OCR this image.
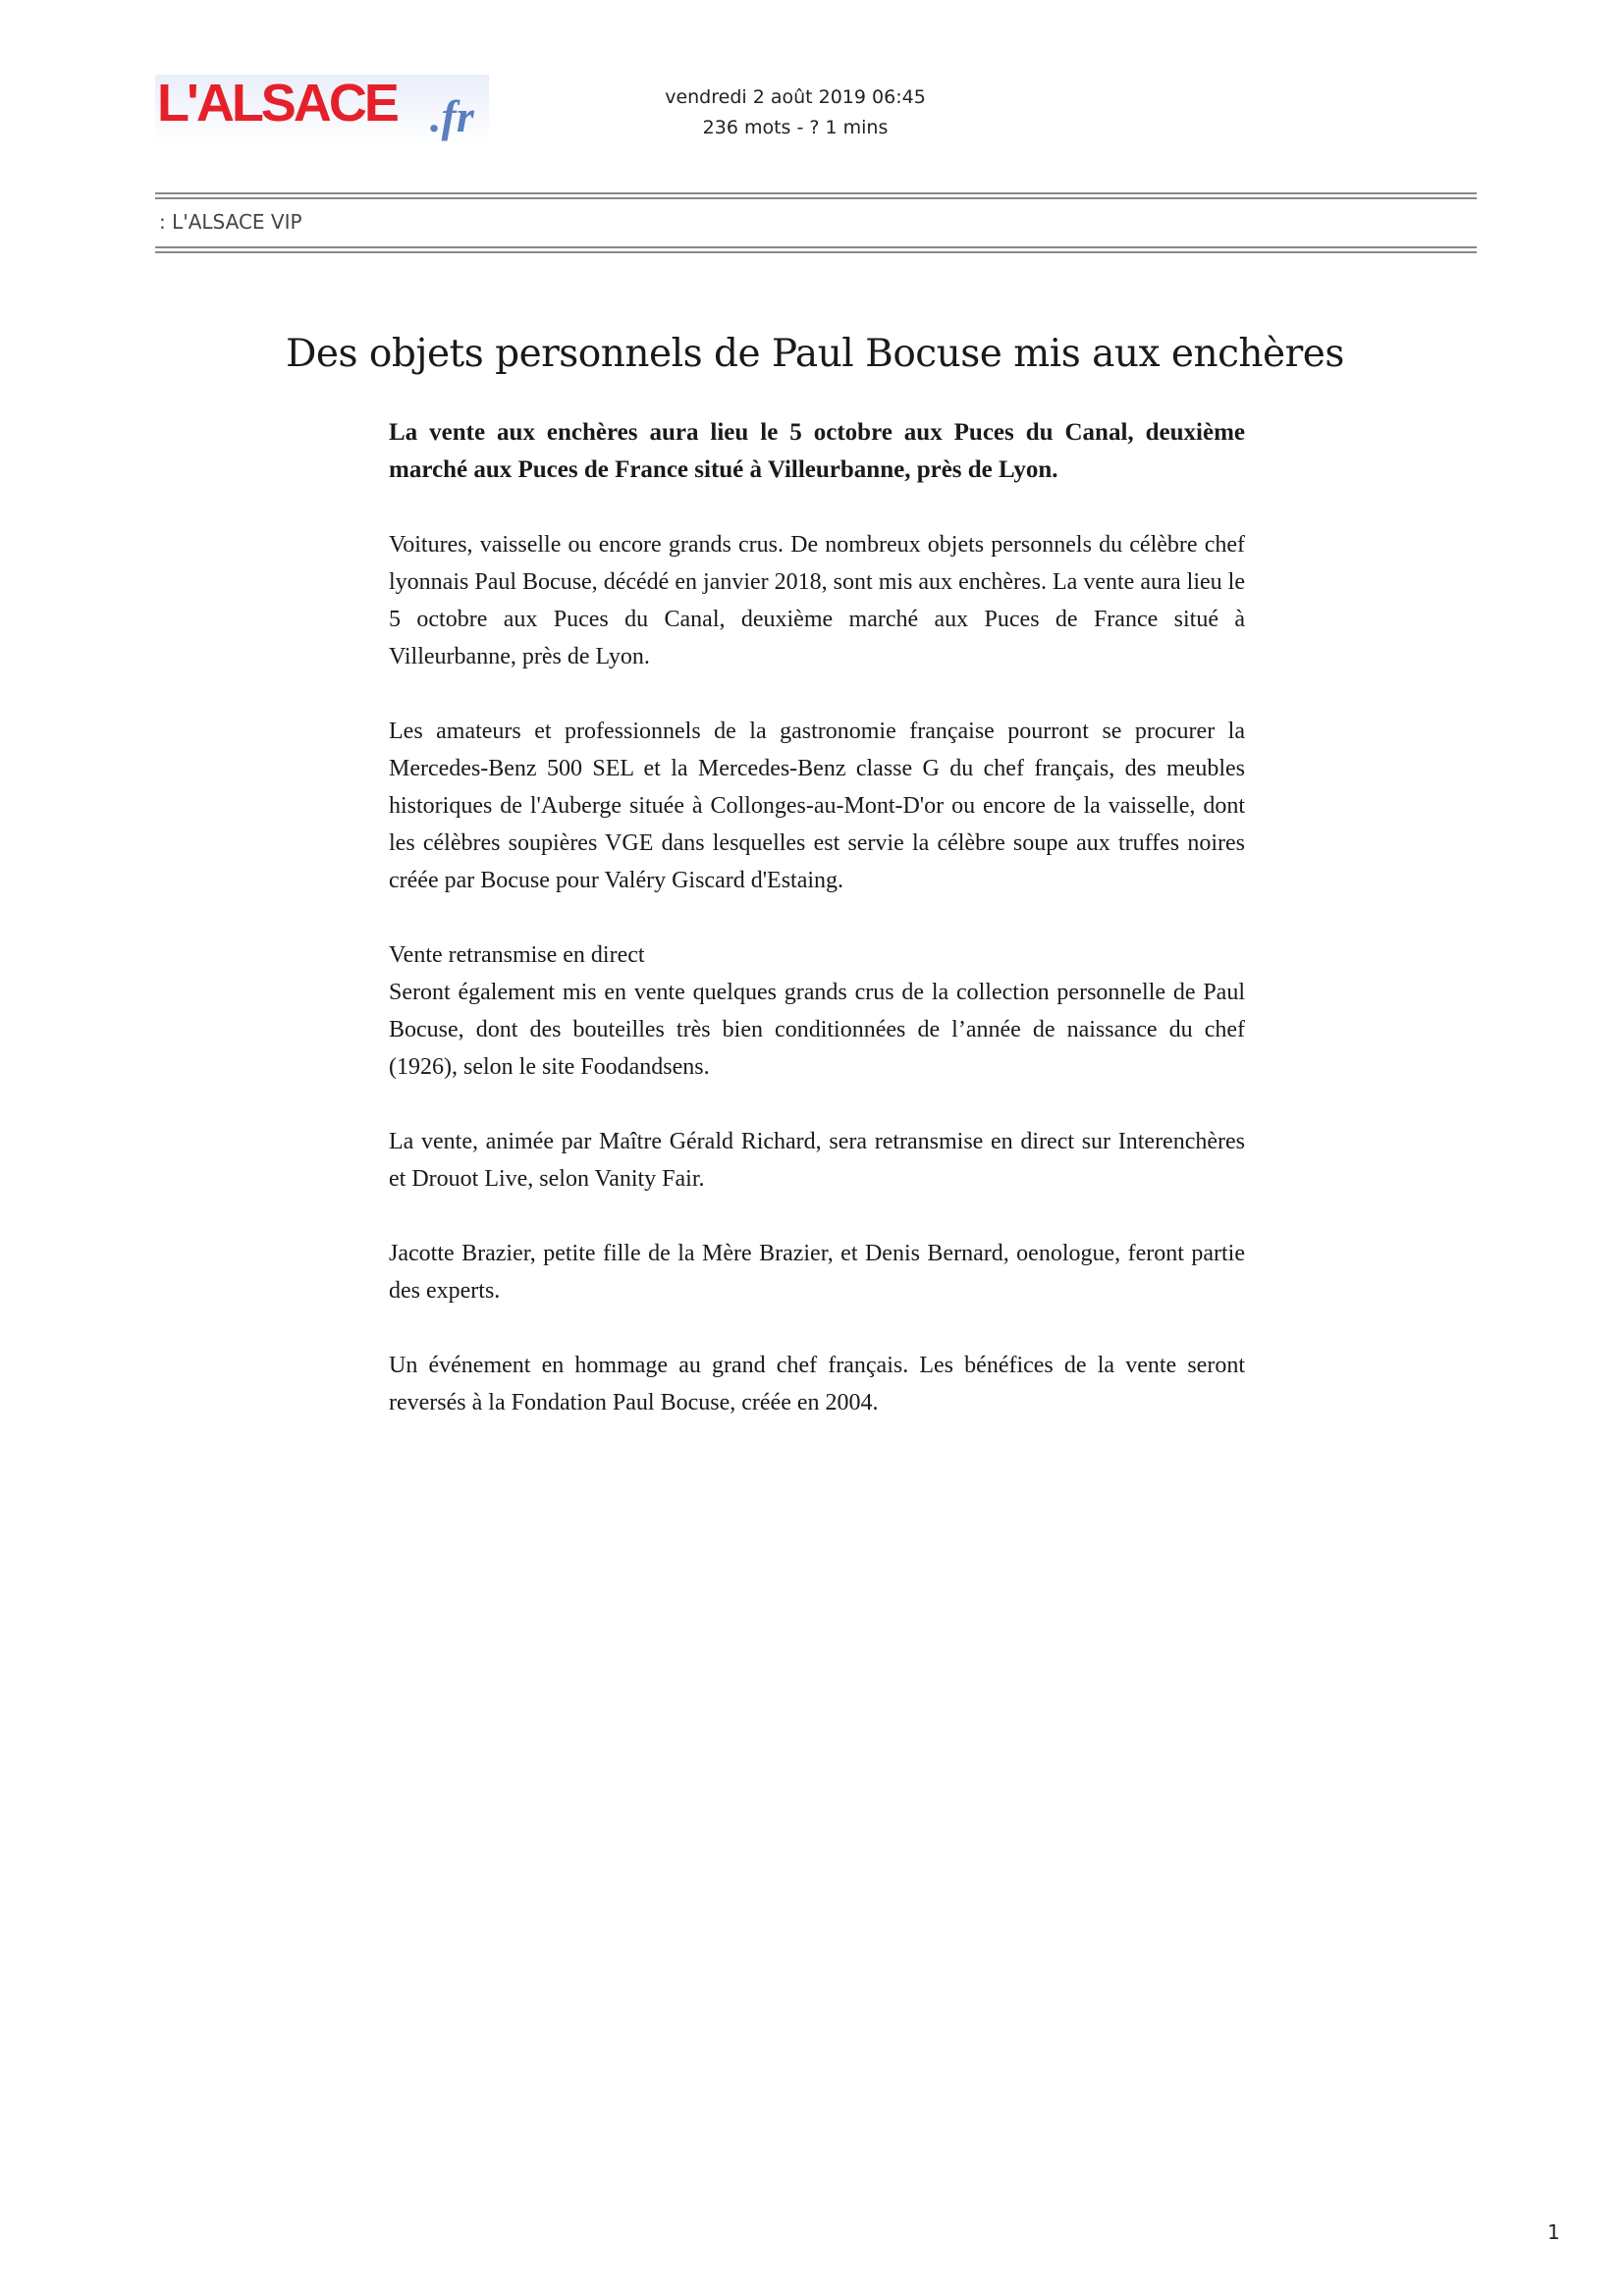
L'ALSACE .fr	vendredi 2 août 2019 06:45
236 mots - ? 1 mins
: L'ALSACE VIP
Des objets personnels de Paul Bocuse mis aux enchères

La vente aux enchères aura lieu le 5 octobre aux Puces du Canal, deuxième marché aux Puces de France situé à Villeurbanne, près de Lyon.

Voitures, vaisselle ou encore grands crus. De nombreux objets personnels du célèbre chef lyonnais Paul Bocuse, décédé en janvier 2018, sont mis aux enchères. La vente aura lieu le 5 octobre aux Puces du Canal, deuxième marché aux Puces de France situé à Villeurbanne, près de Lyon.

Les amateurs et professionnels de la gastronomie française pourront se procurer la Mercedes-Benz 500 SEL et la Mercedes-Benz classe G du chef français, des meubles historiques de l'Auberge située à Collonges-au-Mont-D'or ou encore de la vaisselle, dont les célèbres soupières VGE dans lesquelles est servie la célèbre soupe aux truffes noires créée par Bocuse pour Valéry Giscard d'Estaing.

Vente retransmise en direct

Seront également mis en vente quelques grands crus de la collection personnelle de Paul Bocuse, dont des bouteilles très bien conditionnées de l’année de naissance du chef (1926), selon le site Foodandsens.

La vente, animée par Maître Gérald Richard, sera retransmise en direct sur Interenchères et Drouot Live, selon Vanity Fair.

Jacotte Brazier, petite fille de la Mère Brazier, et Denis Bernard, oenologue, feront partie des experts.

Un événement en hommage au grand chef français. Les bénéfices de la vente seront reversés à la Fondation Paul Bocuse, créée en 2004.

1
